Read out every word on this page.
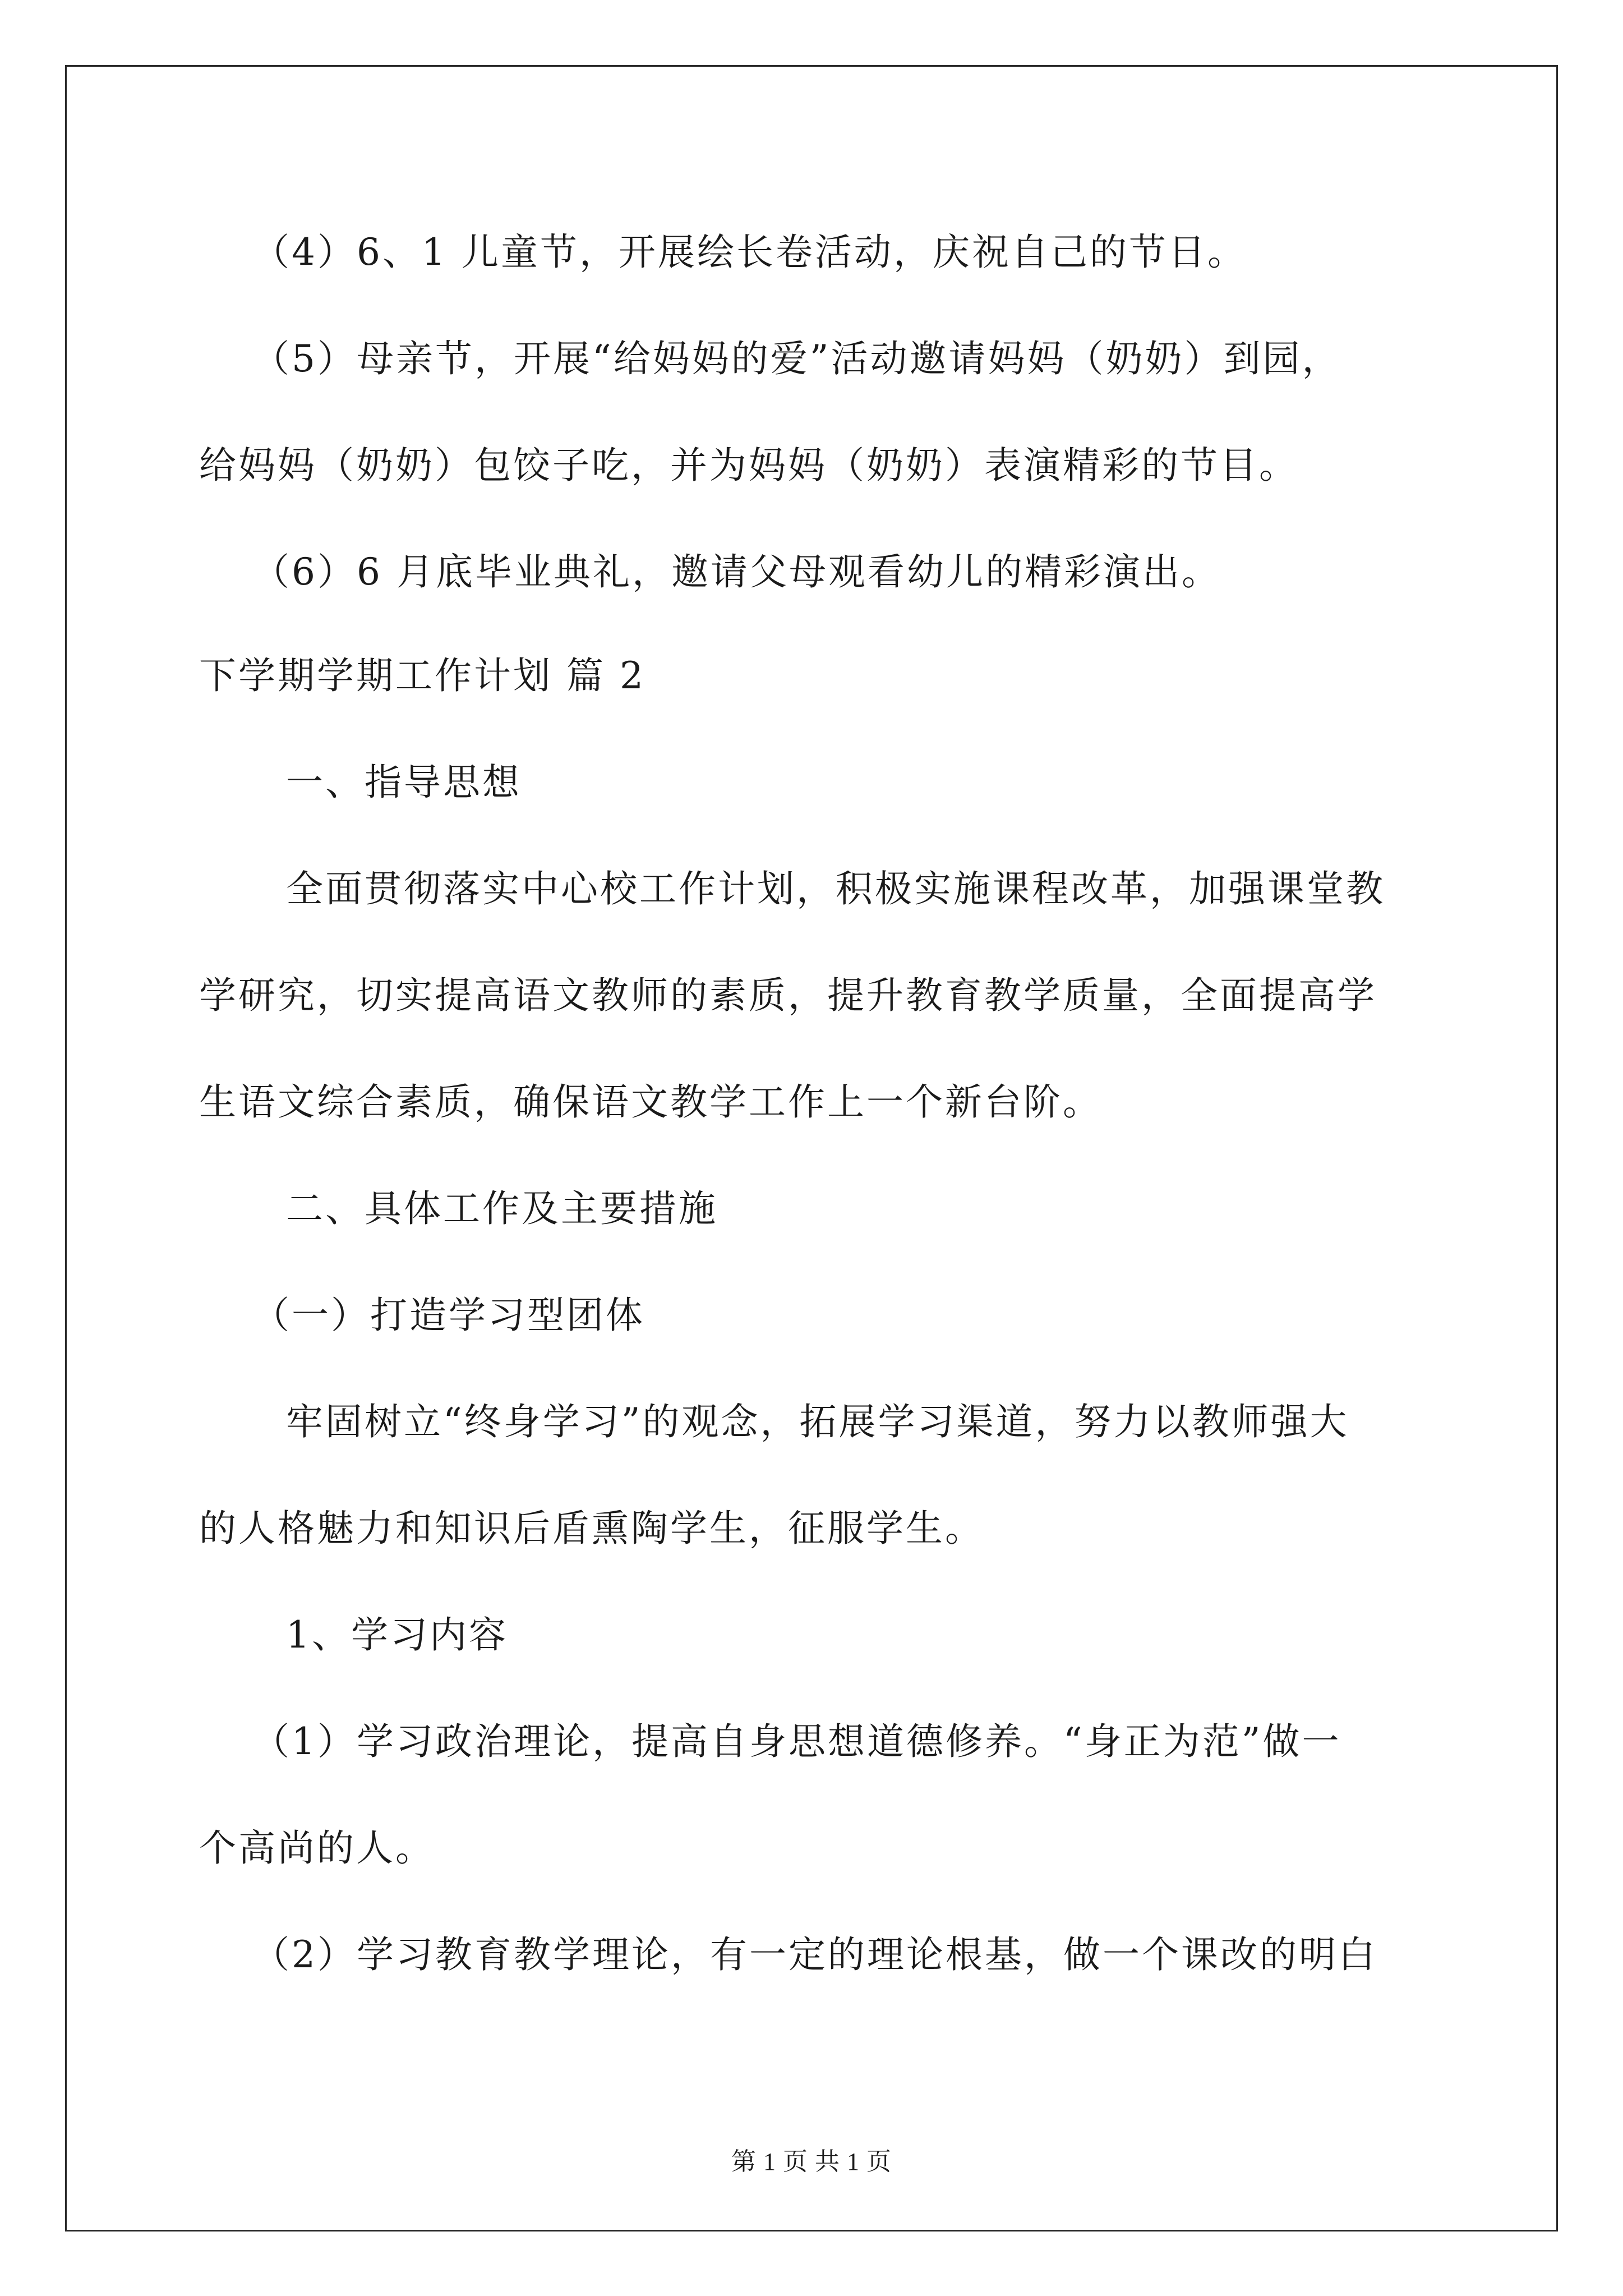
（4）6、1 儿童节，开展绘长卷活动，庆祝自己的节日。
（5）母亲节，开展“给妈妈的爱”活动邀请妈妈（奶奶）到园，
给妈妈（奶奶）包饺子吃，并为妈妈（奶奶）表演精彩的节目。
（6）6 月底毕业典礼，邀请父母观看幼儿的精彩演出。
下学期学期工作计划 篇 2
一、指导思想
全面贯彻落实中心校工作计划，积极实施课程改革，加强课堂教
学研究，切实提高语文教师的素质，提升教育教学质量，全面提高学
生语文综合素质，确保语文教学工作上一个新台阶。
二、具体工作及主要措施
（一）打造学习型团体
牢固树立“终身学习”的观念，拓展学习渠道，努力以教师强大
的人格魅力和知识后盾熏陶学生，征服学生。
1、学习内容
（1）学习政治理论，提高自身思想道德修养。“身正为范”做一
个高尚的人。
（2）学习教育教学理论，有一定的理论根基，做一个课改的明白
第 1 页 共 1 页
